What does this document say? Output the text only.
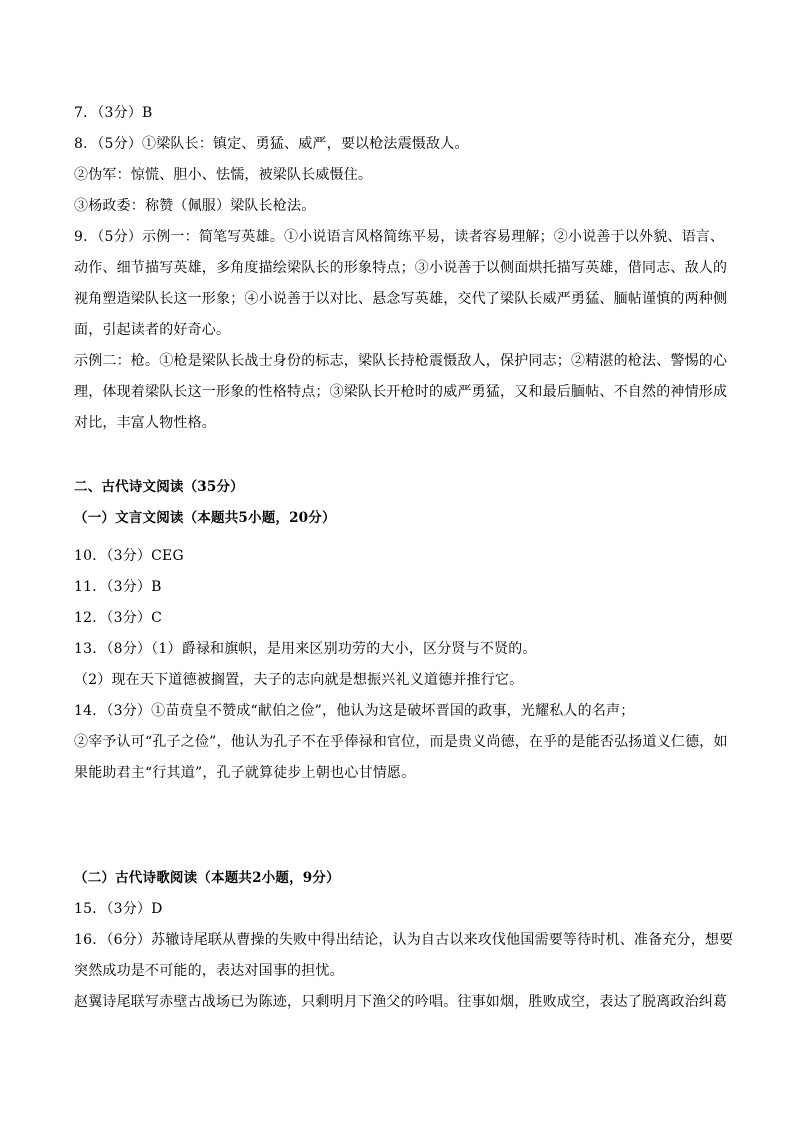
7．（3分）B
8．（5分）①梁队长：镇定、勇猛、威严，要以枪法震慑敌人。
②伪军：惊慌、胆小、怯懦，被梁队长威慑住。
③杨政委：称赞（佩服）梁队长枪法。
9．（5分）示例一：简笔写英雄。①小说语言风格简练平易，读者容易理解；②小说善于以外貌、语言、
动作、细节描写英雄，多角度描绘梁队长的形象特点；③小说善于以侧面烘托描写英雄，借同志、敌人的
视角塑造梁队长这一形象；④小说善于以对比、悬念写英雄，交代了梁队长威严勇猛、腼帖谨慎的两种侧
面，引起读者的好奇心。
示例二：枪。①枪是梁队长战士身份的标志，梁队长持枪震慑敌人，保护同志；②精湛的枪法、警惕的心
理，体现着梁队长这一形象的性格特点；③梁队长开枪时的威严勇猛，又和最后腼帖、不自然的神情形成
对比，丰富人物性格。
二、古代诗文阅读（35分）
（一）文言文阅读（本题共5小题，20分）
10．（3分）CEG
11．（3分）B
12．（3分）C
13．（8分）（1）爵禄和旗帜，是用来区别功劳的大小，区分贤与不贤的。
（2）现在天下道德被搁置，夫子的志向就是想振兴礼义道德并推行它。
14．（3分）①苗贲皇不赞成“献伯之俭”，他认为这是破坏晋国的政事，光耀私人的名声；
②宰予认可“孔子之俭”，他认为孔子不在乎俸禄和官位，而是贵义尚德，在乎的是能否弘扬道义仁德，如
果能助君主“行其道”，孔子就算徒步上朝也心甘情愿。
（二）古代诗歌阅读（本题共2小题，9分）
15．（3分）D
16．（6分）苏辙诗尾联从曹操的失败中得出结论，认为自古以来攻伐他国需要等待时机、准备充分，想要
突然成功是不可能的，表达对国事的担忧。
赵翼诗尾联写赤壁古战场已为陈迹，只剩明月下渔父的吟唱。往事如烟，胜败成空，表达了脱离政治纠葛
